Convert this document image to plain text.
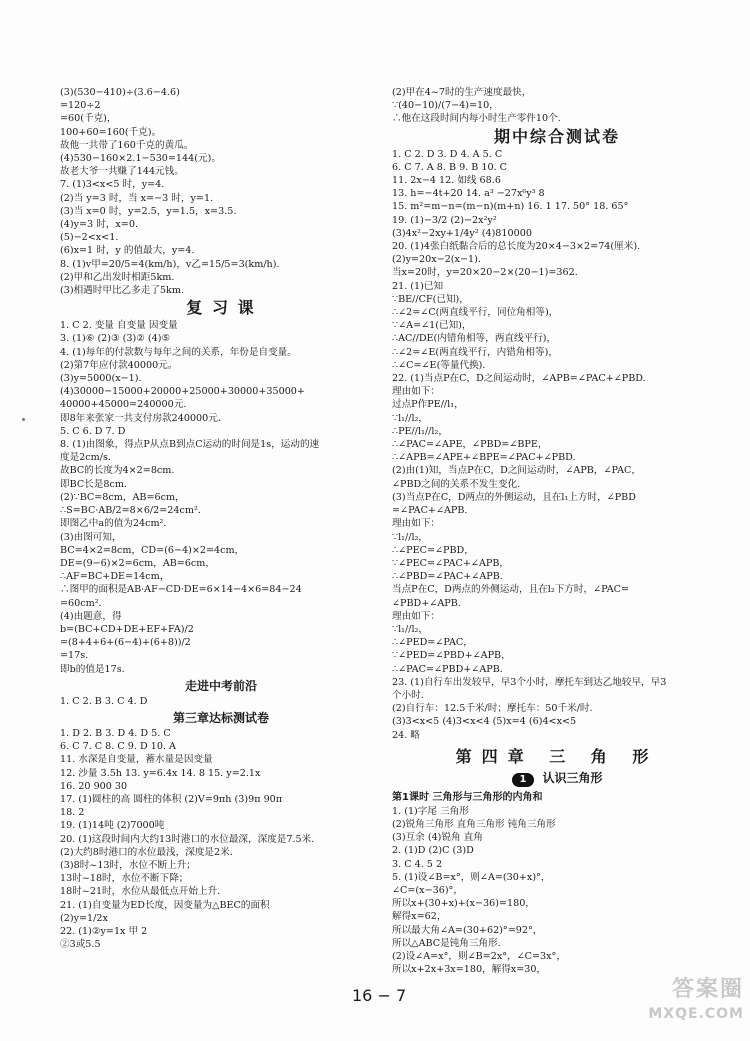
(3)(530−410)÷(3.6−4.6)
=120÷2
=60(千克)，
100+60=160(千克)。
故他一共带了160千克的黄瓜。
(4)530−160×2.1−530=144(元)。
故老大爷一共赚了144元钱。
7. (1)3<x<5 时，y=4.
(2)当 y=3 时，当 x=−3 时，y=1.
(3)当 x=0 时，y=2.5，y=1.5，x=3.5.
(4)y=3 时，x=0.
(5)−2<x<1.
(6)x=1 时，y 的值最大，y=4.
8. (1)v甲=20/5=4(km/h)，v乙=15/5=3(km/h).
(2)甲和乙出发时相距5km.
(3)相遇时甲比乙多走了5km.
复 习 课
1. C 2. 变量 自变量 因变量
3. (1)⑥ (2)③ (3)② (4)⑤
4. (1)每年的付款数与每年之间的关系，年份是自变量。
(2)第7年应付款40000元。
(3)y=5000(x−1).
(4)30000−15000+20000+25000+30000+35000+
40000+45000=240000元.
即8年来张家一共支付房款240000元.
5. C 6. D 7. D
8. (1)由图象，得点P从点B到点C运动的时间是1s，运动的速
度是2cm/s.
故BC的长度为4×2=8cm.
即BC长是8cm.
(2)∵BC=8cm，AB=6cm，
∴S=BC·AB/2=8×6/2=24cm².
即图乙中a的值为24cm².
(3)由图可知，
BC=4×2=8cm，CD=(6−4)×2=4cm，
DE=(9−6)×2=6cm，AB=6cm，
∴AF=BC+DE=14cm，
∴图甲的面积是AB·AF−CD·DE=6×14−4×6=84−24
=60cm².
(4)由题意，得
b=(BC+CD+DE+EF+FA)/2
=(8+4+6+(6−4)+(6+8))/2
=17s.
即b的值是17s.
走进中考前沿
1. C 2. B 3. C 4. D
第三章达标测试卷
1. D 2. B 3. D 4. D 5. C
6. C 7. C 8. C 9. D 10. A
11. 水深是自变量，蓄水量是因变量
12. 沙量 3.5h 13. y=6.4x 14. 8 15. y=2.1x
16. 20 900 30
17. (1)圆柱的高 圆柱的体积 (2)V=9πh (3)9π 90π
18. 2
19. (1)14吨 (2)7000吨
20. (1)这段时间内大约13时港口的水位最深，深度是7.5米.
(2)大约8时港口的水位最浅，深度是2米.
(3)8时~13时，水位不断上升；
13时~18时，水位不断下降；
18时~21时，水位从最低点开始上升.
21. (1)自变量为ED长度，因变量为△BEC的面积
(2)y=1/2x
22. (1)②y=1x 甲 2
②3或5.5
(2)甲在4~7时的生产速度最快，
∵(40−10)/(7−4)=10，
∴他在这段时间内每小时生产零件10个.
期中综合测试卷
1. C 2. D 3. D 4. A 5. C
6. C 7. A 8. B 9. B 10. C
11. 2x−4 12. 如线 68.6
13. h=−4t+20 14. a³ −27x⁶y³ 8
15. m²=m−n=(m−n)(m+n) 16. 1 17. 50° 18. 65°
19. (1)−3/2 (2)−2x²y²
(3)4x²−2xy+1/4y² (4)810000
20. (1)4张白纸黏合后的总长度为20×4−3×2=74(厘米).
(2)y=20x−2(x−1).
当x=20时，y=20×20−2×(20−1)=362.
21. (1)已知
∵BE//CF(已知)，
∴∠2=∠C(两直线平行，同位角相等)，
∵∠A=∠1(已知)，
∴AC//DE(内错角相等，两直线平行)，
∴∠2=∠E(两直线平行，内错角相等)，
∴∠C=∠E(等量代换).
22. (1)当点P在C，D之间运动时，∠APB=∠PAC+∠PBD.
理由如下：
过点P作PE//l₁，
∵l₁//l₂，
∴PE//l₁//l₂，
∴∠PAC=∠APE，∠PBD=∠BPE，
∴∠APB=∠APE+∠BPE=∠PAC+∠PBD.
(2)由(1)知，当点P在C，D之间运动时，∠APB，∠PAC，
∠PBD之间的关系不发生变化.
(3)当点P在C，D两点的外侧运动，且在l₁上方时，∠PBD
=∠PAC+∠APB.
理由如下：
∵l₁//l₂，
∴∠PEC=∠PBD，
∵∠PEC=∠PAC+∠APB，
∴∠PBD=∠PAC+∠APB.
当点P在C，D两点的外侧运动，且在l₂下方时，∠PAC=
∠PBD+∠APB.
理由如下：
∵l₁//l₂，
∴∠PED=∠PAC，
∵∠PED=∠PBD+∠APB，
∴∠PAC=∠PBD+∠APB.
23. (1)自行车出发较早，早3个小时，摩托车到达乙地较早，早3
个小时.
(2)自行车：12.5千米/时；摩托车：50千米/时.
(3)3<x<5 (4)3<x<4 (5)x=4 (6)4<x<5
24. 略
第四章 三 角 形
1 认识三角形
第1课时 三角形与三角形的内角和
1. (1)字尾 三角形
(2)锐角三角形 直角三角形 钝角三角形
(3)互余 (4)锐角 直角
2. (1)D (2)C (3)D
3. C 4. 5 2
5. (1)设∠B=x°，则∠A=(30+x)°，
∠C=(x−36)°，
所以x+(30+x)+(x−36)=180，
解得x=62，
所以最大角∠A=(30+62)°=92°，
所以△ABC是钝角三角形.
(2)设∠A=x°，则∠B=2x°，∠C=3x°，
所以x+2x+3x=180，解得x=30，
16 − 7	答案圈
MXQE.COM
